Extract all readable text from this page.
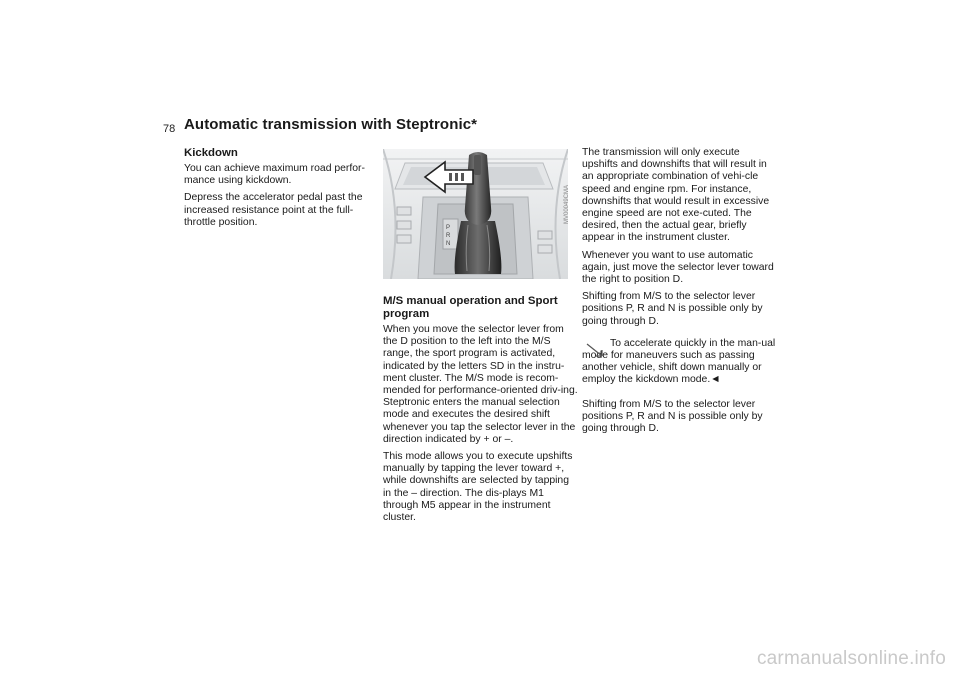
78 Automatic transmission with Steptronic*
Kickdown

You can achieve maximum road perfor-mance using kickdown.

Depress the accelerator pedal past the increased resistance point at the full-throttle position.

P
R
N
MV00049CMA
M/S manual operation and Sport program

When you move the selector lever from the D position to the left into the M/S range, the sport program is activated, indicated by the letters SD in the instru-ment cluster. The M/S mode is recom-mended for performance-oriented driv-ing. Steptronic enters the manual selection mode and executes the desired shift whenever you tap the selector lever in the direction indicated by + or –.

This mode allows you to execute upshifts manually by tapping the lever toward +, while downshifts are selected by tapping in the – direction. The dis-plays M1 through M5 appear in the instrument cluster.

The transmission will only execute upshifts and downshifts that will result in an appropriate combination of vehi-cle speed and engine rpm. For instance, downshifts that would result in excessive engine speed are not exe-cuted. The desired, then the actual gear, briefly appear in the instrument cluster.

Whenever you want to use automatic again, just move the selector lever toward the right to position D.

Shifting from M/S to the selector lever positions P, R and N is possible only by going through D.

To accelerate quickly in the man-ual mode for maneuvers such as passing another vehicle, shift down manually or employ the kickdown mode.◄

Shifting from M/S to the selector lever positions P, R and N is possible only by going through D.

carmanualsonline.info
